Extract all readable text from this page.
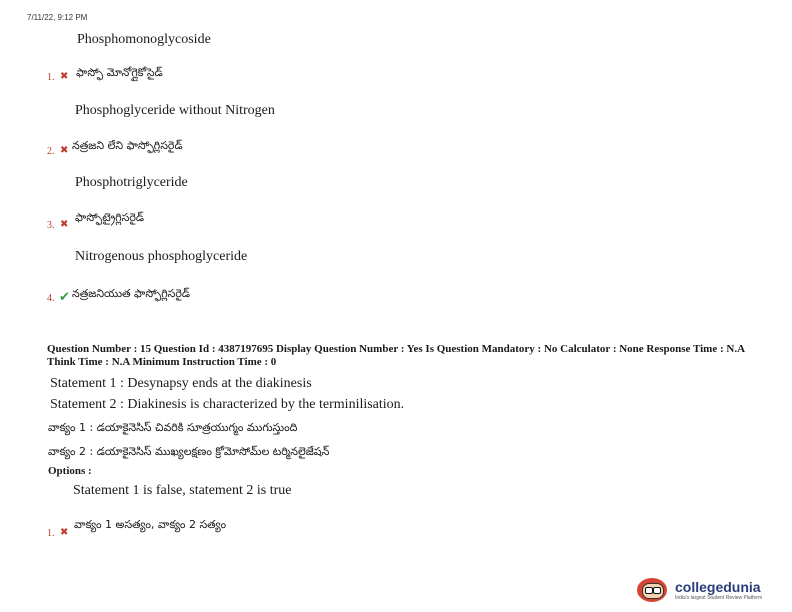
7/11/22, 9:12 PM
Phosphomonoglycoside
1. ✖ ఫాస్ఫో మోనోగ్లైకోసైడ్
Phosphoglyceride without Nitrogen
2. ✖ నత్రజని లేని ఫాస్ఫోగ్లిసరైడ్
Phosphotriglyceride
3. ✖
ఫాస్ఫోట్రైగ్లిసరైడ్
Nitrogenous phosphoglyceride
4. ✔ నత్రజనియుత ఫాస్ఫోగ్లిసరైడ్
Question Number : 15 Question Id : 4387197695 Display Question Number : Yes Is Question Mandatory : No Calculator : None Response Time : N.A Think Time : N.A Minimum Instruction Time : 0
Statement 1 : Desynapsy ends at the diakinesis
Statement 2 : Diakinesis is characterized by the terminilisation.
వాక్యం 1 : డయాకైనెసిస్ చివరికి సూత్రయుగ్మం ముగుస్తుంది
వాక్యం 2 : డయాకైనెసిస్ ముఖ్యలక్షణం క్రోమోసోమ్‌ల టర్మినలైజేషన్
Options :
Statement 1 is false, statement 2 is true
1. ✖
వాక్యం 1 అసత్యం, వాక్యం 2 సత్యం
collegedunia
India's largest Student Review Platform
